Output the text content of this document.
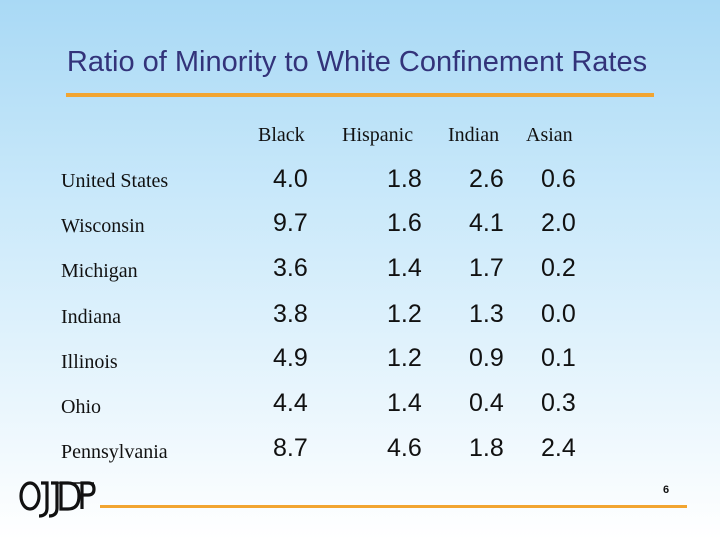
Ratio of Minority to White Confinement Rates
Black Hispanic Indian Asian
United States	4.0	1.8 2.6 0.6
Wisconsin	9.7	1.6 4.1 2.0
Michigan	3.6	1.4 1.7 0.2
Indiana	3.8	1.2 1.3 0.0
Illinois	4.9	1.2 0.9 0.1
Ohio	4.4	1.4 0.4 0.3
Pennsylvania	8.7	4.6 1.8 2.4
6
